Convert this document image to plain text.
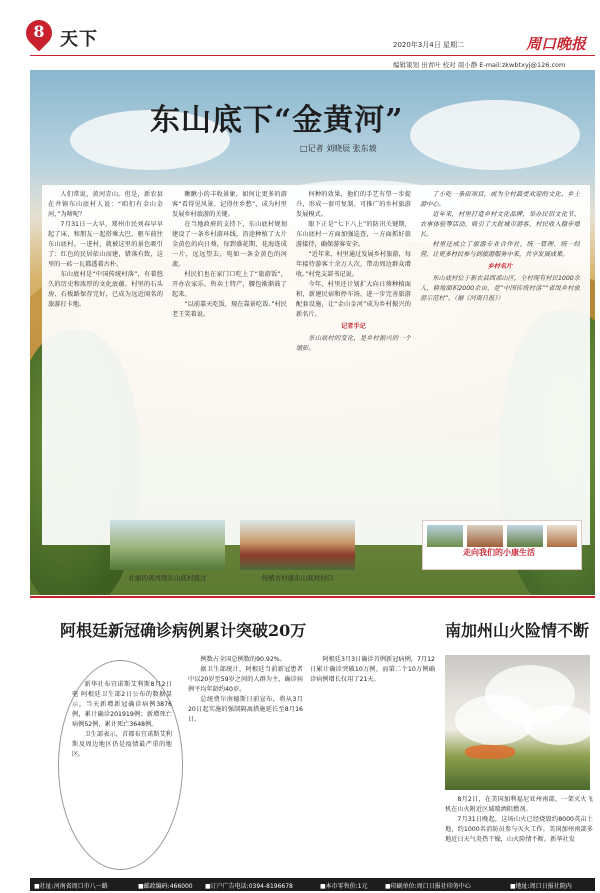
8 天下	2020年3月4日 星期二	周口晚报
编辑策划 田青叶 校对 周小静 E-mail:zkwbtxyj@126.com
东山底下“金黄河”
□记者 刘晓辰 张东坡

人们常说，黄河青山。但是，新农县在井镇东山底村人说：“咱们有金山金河，”为啥呢？

7月31日一大早，郑州市民刘春早早起了床，和朋友一起搭乘大巴，驱车前往东山底村。一进村，就被这里的景色吸引了：红色的民居依山而建，错落有致，这里的一砖一瓦都透着古朴。

东山底村是“中国传统村落”，有着悠久的历史和浓厚的文化底蕴。村里的石头房、石板路保存完好，已成为远近闻名的旅游打卡地。

瞅瞅小的丰收景象，如何让更多的游客“看得见风景、记得住乡愁”，成为村里发展乡村旅游的关键。

在当地政府的支持下，东山底村规划建设了一条乡村游环线，沿途种植了大片金黄色的向日葵，每到盛花期，花海连成一片，远远望去，宛如一条金黄色的河流。

村民们也在家门口吃上了“旅游饭”，开办农家乐、售卖土特产，腰包渐渐鼓了起来。

“以前靠天吃饭，现在靠景吃饭。”村民老王笑着说。

何种的效果，他们的手艺有望一步提升，形成一套可复制、可推广的乡村旅游发展模式。

眼下正是“七下八上”的防汛关键期，东山底村一方面加强巡查，一方面抓好旅游接待，确保游客安全。

“近年来，村里通过发展乡村旅游，每年接待游客十余万人次，带动周边群众增收。”村党支部书记说。

今年，村里还计划扩大向日葵种植面积，新建民宿和停车场，进一步完善旅游配套设施，让“金山金河”成为乡村振兴的新名片。

记者手记

东山底村的变化，是乡村振兴的一个缩影。

了小吃一条街项目，成为全村最受欢迎的文化、乡土游中心。

近年来，村里打造乡村文化品牌，举办民俗文化节、农事体验等活动，吸引了大批城市游客，村民收入稳步增长。

村里还成立了旅游专业合作社，统一管理、统一经营，让更多村民参与到旅游服务中来，共享发展成果。

乡村名片

东山底村位于新农县西部山区，全村现有村民1000余人，耕地面积2000余亩，是“中国传统村落”“省级乡村旅游示范村”。（据《河南日报》）

走向我们的小康生活
壮丽的黄河绕东山底村流过	传统古村落东山底村村口
阿根廷新冠确诊病例累计突破20万	南加州山火险情不断

新华社布宜诺斯艾利斯8月2日电 阿根廷卫生部2日公布的数据显示，当天新增新冠确诊病例3876例，累计确诊201919例；新增死亡病例52例，累计死亡3648例。

卫生部表示，首都布宜诺斯艾利斯及周边地区仍是疫情最严重的地区。

例数占全国总例数的90.92%。

据卫生部统计，阿根廷当前新冠患者中以20岁至59岁之间的人群为主，确诊病例平均年龄约40岁。

总统费尔南德斯日前宣布，将从3月20日起实施的强制隔离措施延长至8月16日。

阿根廷3月3日确诊首例新冠病例，7月12日累计确诊突破10万例，而第二个10万例确诊病例增长仅用了21天。

8月2日，在美国加利福尼亚州南部，一架灭火飞机在山火附近区域喷洒阻燃剂。

7月31日晚起，这场山火已经烧毁约8000英亩土地，约1000名消防员参与灭火工作。美国加州南部多地近日天气炎热干燥，山火险情不断。新华社发

■社址:河南省周口市八一路	■邮政编码:466000 ■订户广告电话:0394-8196678	■本市零售价:1元	■印刷单位:周口日报社印务中心	■地址:周口日报社院内
